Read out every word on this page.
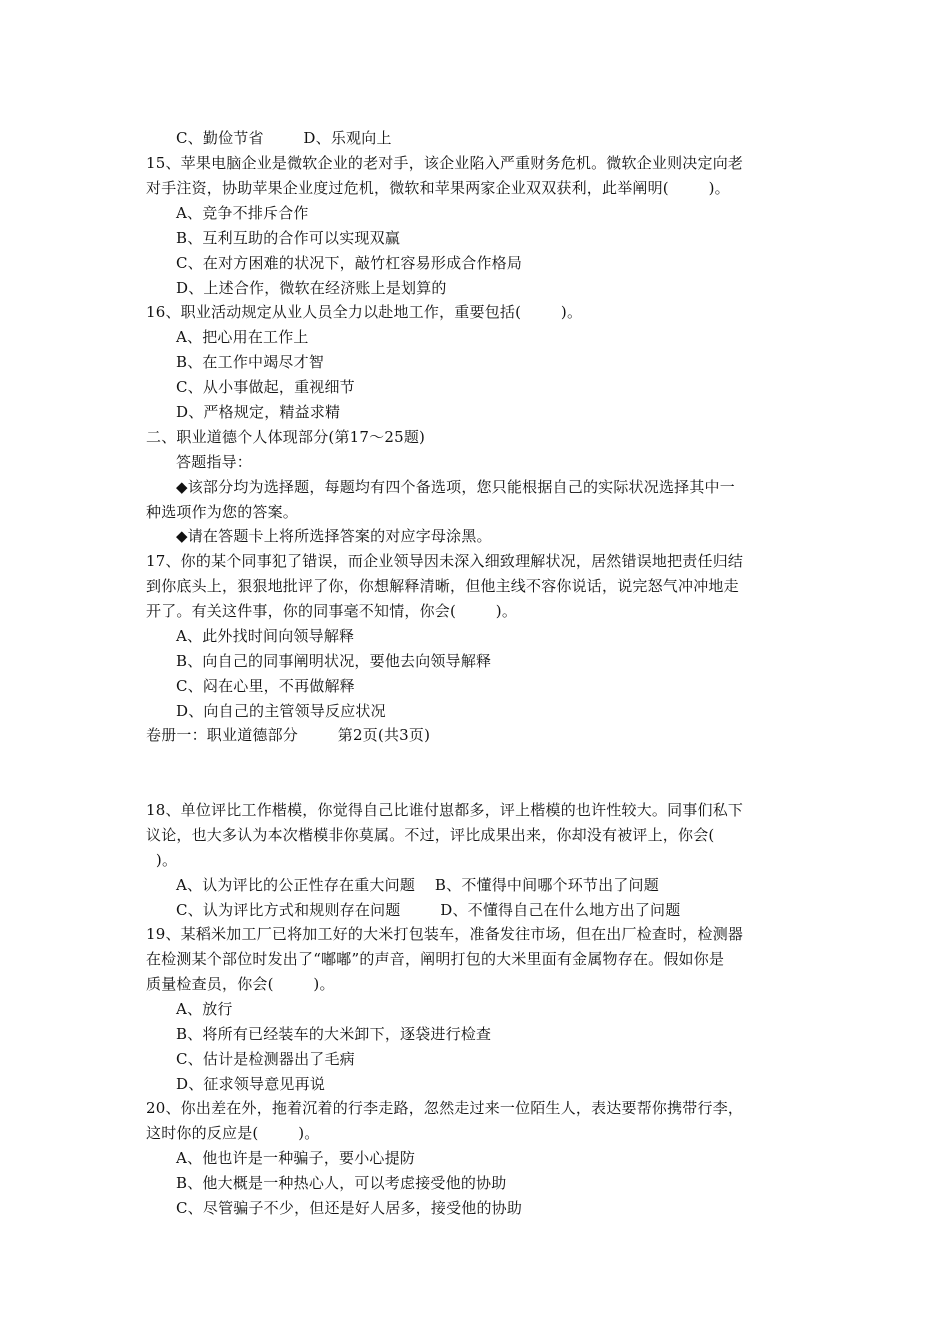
C、勤俭节省        D、乐观向上
15、苹果电脑企业是微软企业的老对手，该企业陷入严重财务危机。微软企业则决定向老
对手注资，协助苹果企业度过危机，微软和苹果两家企业双双获利，此举阐明(        )。
A、竞争不排斥合作
B、互利互助的合作可以实现双赢
C、在对方困难的状况下，敲竹杠容易形成合作格局
D、上述合作，微软在经济账上是划算的
16、职业活动规定从业人员全力以赴地工作，重要包括(        )。
A、把心用在工作上
B、在工作中竭尽才智
C、从小事做起，重视细节
D、严格规定，精益求精
二、职业道德个人体现部分(第17～25题)
答题指导：
◆该部分均为选择题，每题均有四个备选项，您只能根据自己的实际状况选择其中一
种选项作为您的答案。
◆请在答题卡上将所选择答案的对应字母涂黑。
17、你的某个同事犯了错误，而企业领导因未深入细致理解状况，居然错误地把责任归结
到你底头上，狠狠地批评了你，你想解释清晰，但他主线不容你说话，说完怒气冲冲地走
开了。有关这件事，你的同事毫不知情，你会(        )。
A、此外找时间向领导解释
B、向自己的同事阐明状况，要他去向领导解释
C、闷在心里，不再做解释
D、向自己的主管领导反应状况
卷册一：职业道德部分        第2页(共3页)
18、单位评比工作楷模，你觉得自己比谁付崽都多，评上楷模的也许性较大。同事们私下
议论，也大多认为本次楷模非你莫属。不过，评比成果出来，你却没有被评上，你会(
)。
A、认为评比的公正性存在重大问题    B、不懂得中间哪个环节出了问题
C、认为评比方式和规则存在问题        D、不懂得自己在什么地方出了问题
19、某稻米加工厂已将加工好的大米打包装车，准备发往市场，但在出厂检查时，检测器
在检测某个部位时发出了“嘟嘟”的声音，阐明打包的大米里面有金属物存在。假如你是
质量检查员，你会(        )。
A、放行
B、将所有已经装车的大米卸下，逐袋进行检查
C、估计是检测器出了毛病
D、征求领导意见再说
20、你出差在外，拖着沉着的行李走路，忽然走过来一位陌生人，表达要帮你携带行李，
这时你的反应是(        )。
A、他也许是一种骗子，要小心提防
B、他大概是一种热心人，可以考虑接受他的协助
C、尽管骗子不少，但还是好人居多，接受他的协助
